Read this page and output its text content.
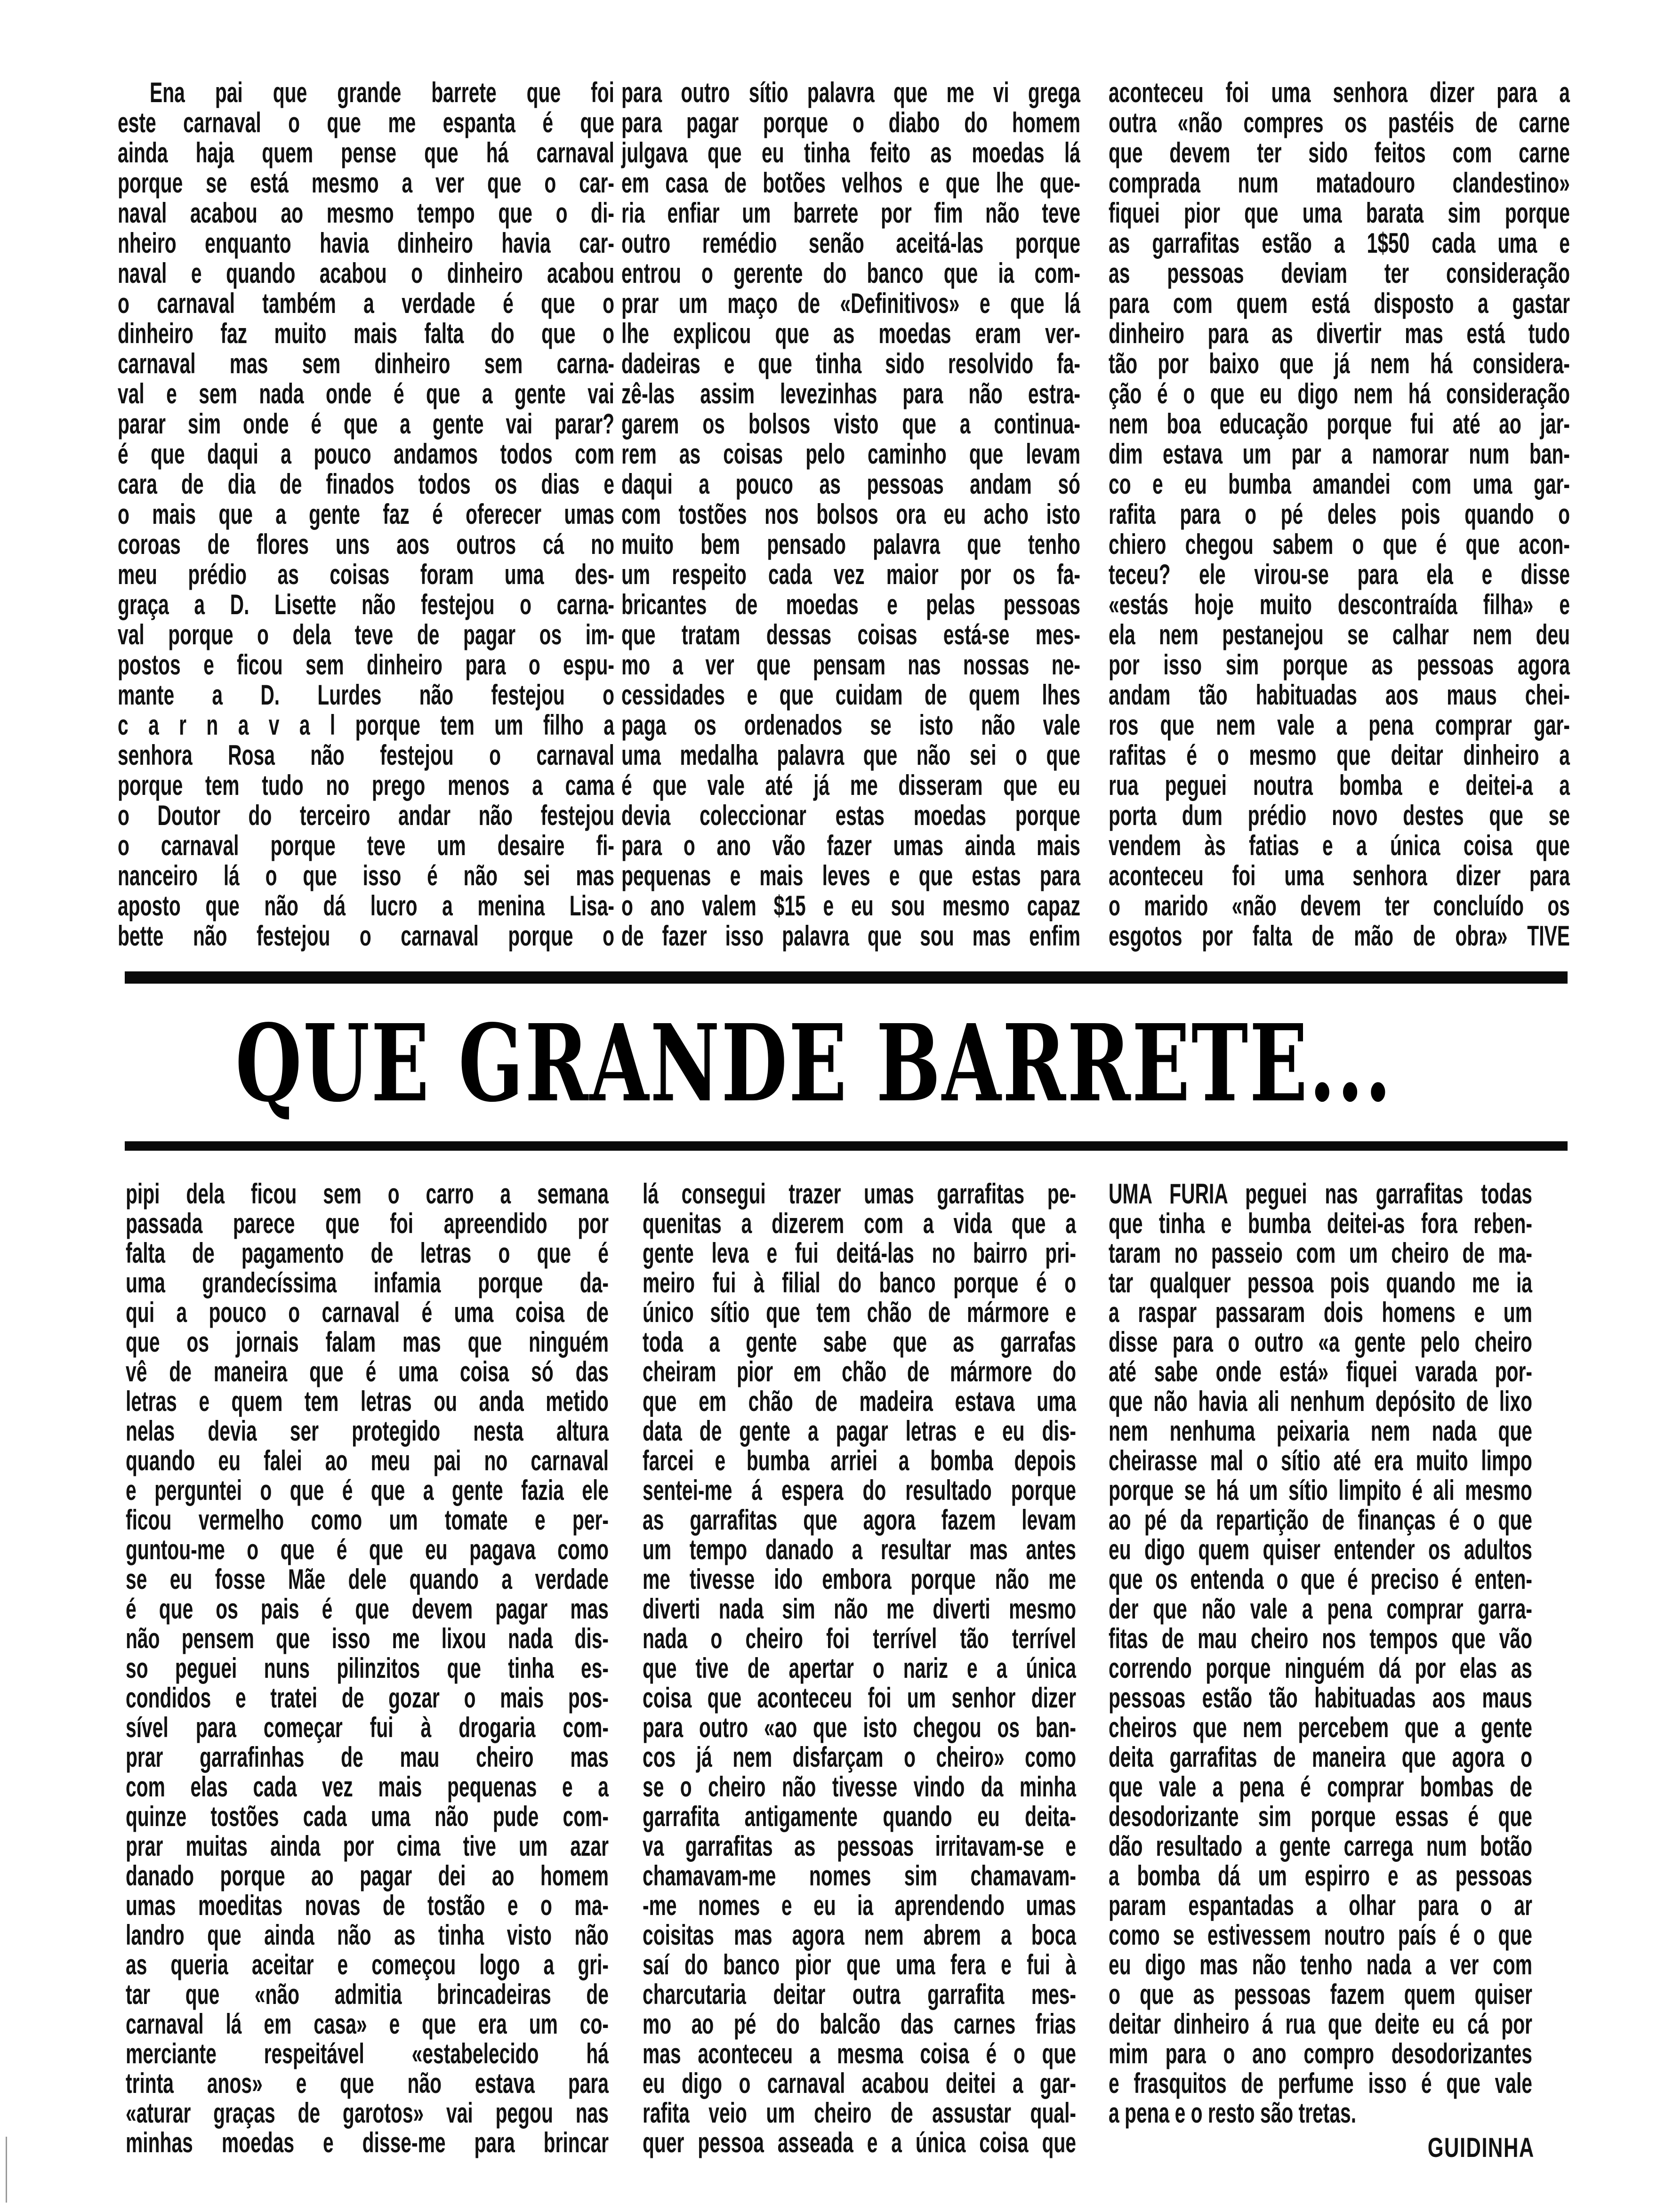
Ena pai que grande barrete que foi
este carnaval o que me espanta é que
ainda haja quem pense que há carnaval
porque se está mesmo a ver que o car-
naval acabou ao mesmo tempo que o di-
nheiro enquanto havia dinheiro havia car-
naval e quando acabou o dinheiro acabou
o carnaval também a verdade é que o
dinheiro faz muito mais falta do que o
carnaval mas sem dinheiro sem carna-
val e sem nada onde é que a gente vai
parar sim onde é que a gente vai parar?
é que daqui a pouco andamos todos com
cara de dia de finados todos os dias e
o mais que a gente faz é oferecer umas
coroas de flores uns aos outros cá no
meu prédio as coisas foram uma des-
graça a D. Lisette não festejou o carna-
val porque o dela teve de pagar os im-
postos e ficou sem dinheiro para o espu-
mante a D. Lurdes não festejou o
c a r n a v a l porque tem um filho a
senhora Rosa não festejou o carnaval
porque tem tudo no prego menos a cama
o Doutor do terceiro andar não festejou
o carnaval porque teve um desaire fi-
nanceiro lá o que isso é não sei mas
aposto que não dá lucro a menina Lisa-
bette não festejou o carnaval porque o
para outro sítio palavra que me vi grega
para pagar porque o diabo do homem
julgava que eu tinha feito as moedas lá
em casa de botões velhos e que lhe que-
ria enfiar um barrete por fim não teve
outro remédio senão aceitá-las porque
entrou o gerente do banco que ia com-
prar um maço de «Definitivos» e que lá
lhe explicou que as moedas eram ver-
dadeiras e que tinha sido resolvido fa-
zê-las assim levezinhas para não estra-
garem os bolsos visto que a continua-
rem as coisas pelo caminho que levam
daqui a pouco as pessoas andam só
com tostões nos bolsos ora eu acho isto
muito bem pensado palavra que tenho
um respeito cada vez maior por os fa-
bricantes de moedas e pelas pessoas
que tratam dessas coisas está-se mes-
mo a ver que pensam nas nossas ne-
cessidades e que cuidam de quem lhes
paga os ordenados se isto não vale
uma medalha palavra que não sei o que
é que vale até já me disseram que eu
devia coleccionar estas moedas porque
para o ano vão fazer umas ainda mais
pequenas e mais leves e que estas para
o ano valem $15 e eu sou mesmo capaz
de fazer isso palavra que sou mas enfim
aconteceu foi uma senhora dizer para a
outra «não compres os pastéis de carne
que devem ter sido feitos com carne
comprada num matadouro clandestino»
fiquei pior que uma barata sim porque
as garrafitas estão a 1$50 cada uma e
as pessoas deviam ter consideração
para com quem está disposto a gastar
dinheiro para as divertir mas está tudo
tão por baixo que já nem há considera-
ção é o que eu digo nem há consideração
nem boa educação porque fui até ao jar-
dim estava um par a namorar num ban-
co e eu bumba amandei com uma gar-
rafita para o pé deles pois quando o
chiero chegou sabem o que é que acon-
teceu? ele virou-se para ela e disse
«estás hoje muito descontraída filha» e
ela nem pestanejou se calhar nem deu
por isso sim porque as pessoas agora
andam tão habituadas aos maus chei-
ros que nem vale a pena comprar gar-
rafitas é o mesmo que deitar dinheiro a
rua peguei noutra bomba e deitei-a a
porta dum prédio novo destes que se
vendem às fatias e a única coisa que
aconteceu foi uma senhora dizer para
o marido «não devem ter concluído os
esgotos por falta de mão de obra» TIVE
QUE GRANDE BARRETE...
pipi dela ficou sem o carro a semana
passada parece que foi apreendido por
falta de pagamento de letras o que é
uma grandecíssima infamia porque da-
qui a pouco o carnaval é uma coisa de
que os jornais falam mas que ninguém
vê de maneira que é uma coisa só das
letras e quem tem letras ou anda metido
nelas devia ser protegido nesta altura
quando eu falei ao meu pai no carnaval
e perguntei o que é que a gente fazia ele
ficou vermelho como um tomate e per-
guntou-me o que é que eu pagava como
se eu fosse Mãe dele quando a verdade
é que os pais é que devem pagar mas
não pensem que isso me lixou nada dis-
so peguei nuns pilinzitos que tinha es-
condidos e tratei de gozar o mais pos-
sível para começar fui à drogaria com-
prar garrafinhas de mau cheiro mas
com elas cada vez mais pequenas e a
quinze tostões cada uma não pude com-
prar muitas ainda por cima tive um azar
danado porque ao pagar dei ao homem
umas moeditas novas de tostão e o ma-
landro que ainda não as tinha visto não
as queria aceitar e começou logo a gri-
tar que «não admitia brincadeiras de
carnaval lá em casa» e que era um co-
merciante respeitável «estabelecido há
trinta anos» e que não estava para
«aturar graças de garotos» vai pegou nas
minhas moedas e disse-me para brincar
lá consegui trazer umas garrafitas pe-
quenitas a dizerem com a vida que a
gente leva e fui deitá-las no bairro pri-
meiro fui à filial do banco porque é o
único sítio que tem chão de mármore e
toda a gente sabe que as garrafas
cheiram pior em chão de mármore do
que em chão de madeira estava uma
data de gente a pagar letras e eu dis-
farcei e bumba arriei a bomba depois
sentei-me á espera do resultado porque
as garrafitas que agora fazem levam
um tempo danado a resultar mas antes
me tivesse ido embora porque não me
diverti nada sim não me diverti mesmo
nada o cheiro foi terrível tão terrível
que tive de apertar o nariz e a única
coisa que aconteceu foi um senhor dizer
para outro «ao que isto chegou os ban-
cos já nem disfarçam o cheiro» como
se o cheiro não tivesse vindo da minha
garrafita antigamente quando eu deita-
va garrafitas as pessoas irritavam-se e
chamavam-me nomes sim chamavam-
-me nomes e eu ia aprendendo umas
coisitas mas agora nem abrem a boca
saí do banco pior que uma fera e fui à
charcutaria deitar outra garrafita mes-
mo ao pé do balcão das carnes frias
mas aconteceu a mesma coisa é o que
eu digo o carnaval acabou deitei a gar-
rafita veio um cheiro de assustar qual-
quer pessoa asseada e a única coisa que
UMA FURIA peguei nas garrafitas todas
que tinha e bumba deitei-as fora reben-
taram no passeio com um cheiro de ma-
tar qualquer pessoa pois quando me ia
a raspar passaram dois homens e um
disse para o outro «a gente pelo cheiro
até sabe onde está» fiquei varada por-
que não havia ali nenhum depósito de lixo
nem nenhuma peixaria nem nada que
cheirasse mal o sítio até era muito limpo
porque se há um sítio limpito é ali mesmo
ao pé da repartição de finanças é o que
eu digo quem quiser entender os adultos
que os entenda o que é preciso é enten-
der que não vale a pena comprar garra-
fitas de mau cheiro nos tempos que vão
correndo porque ninguém dá por elas as
pessoas estão tão habituadas aos maus
cheiros que nem percebem que a gente
deita garrafitas de maneira que agora o
que vale a pena é comprar bombas de
desodorizante sim porque essas é que
dão resultado a gente carrega num botão
a bomba dá um espirro e as pessoas
param espantadas a olhar para o ar
como se estivessem noutro país é o que
eu digo mas não tenho nada a ver com
o que as pessoas fazem quem quiser
deitar dinheiro á rua que deite eu cá por
mim para o ano compro desodorizantes
e frasquitos de perfume isso é que vale
a pena e o resto são tretas.
GUIDINHA
